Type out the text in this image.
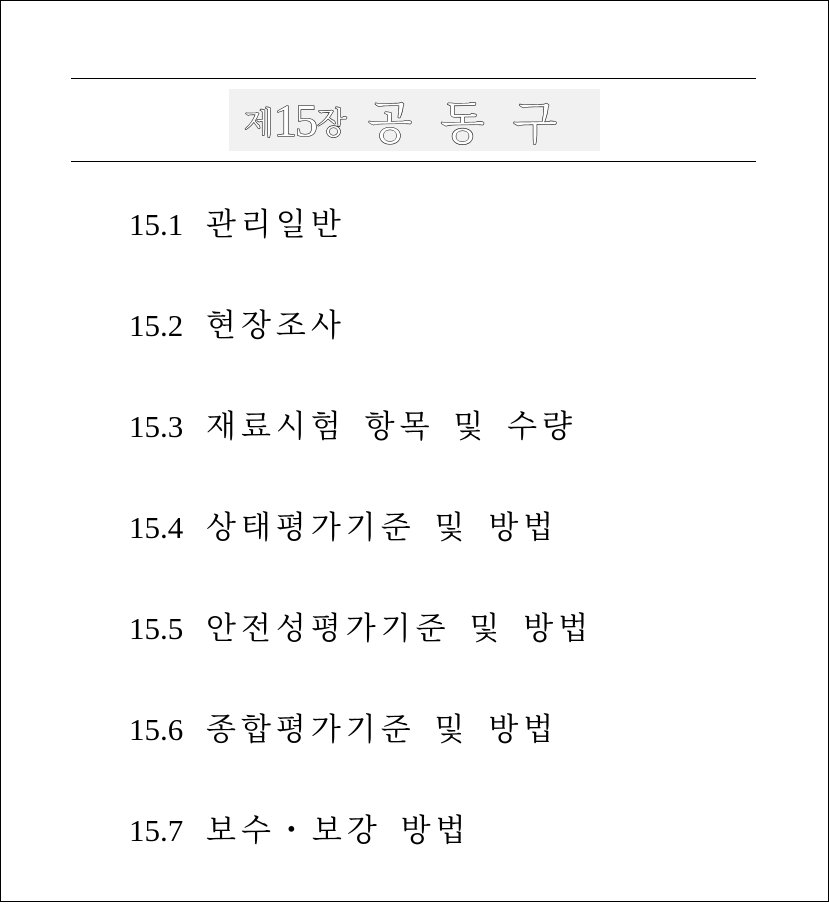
제 15 장 공동구
15.1 관리일반
15.2 현장조사
15.3 재료시험 항목 및 수량
15.4 상태평가기준 및 방법
15.5 안전성평가기준 및 방법
15.6 종합평가기준 및 방법
15.7 보수・보강 방법
